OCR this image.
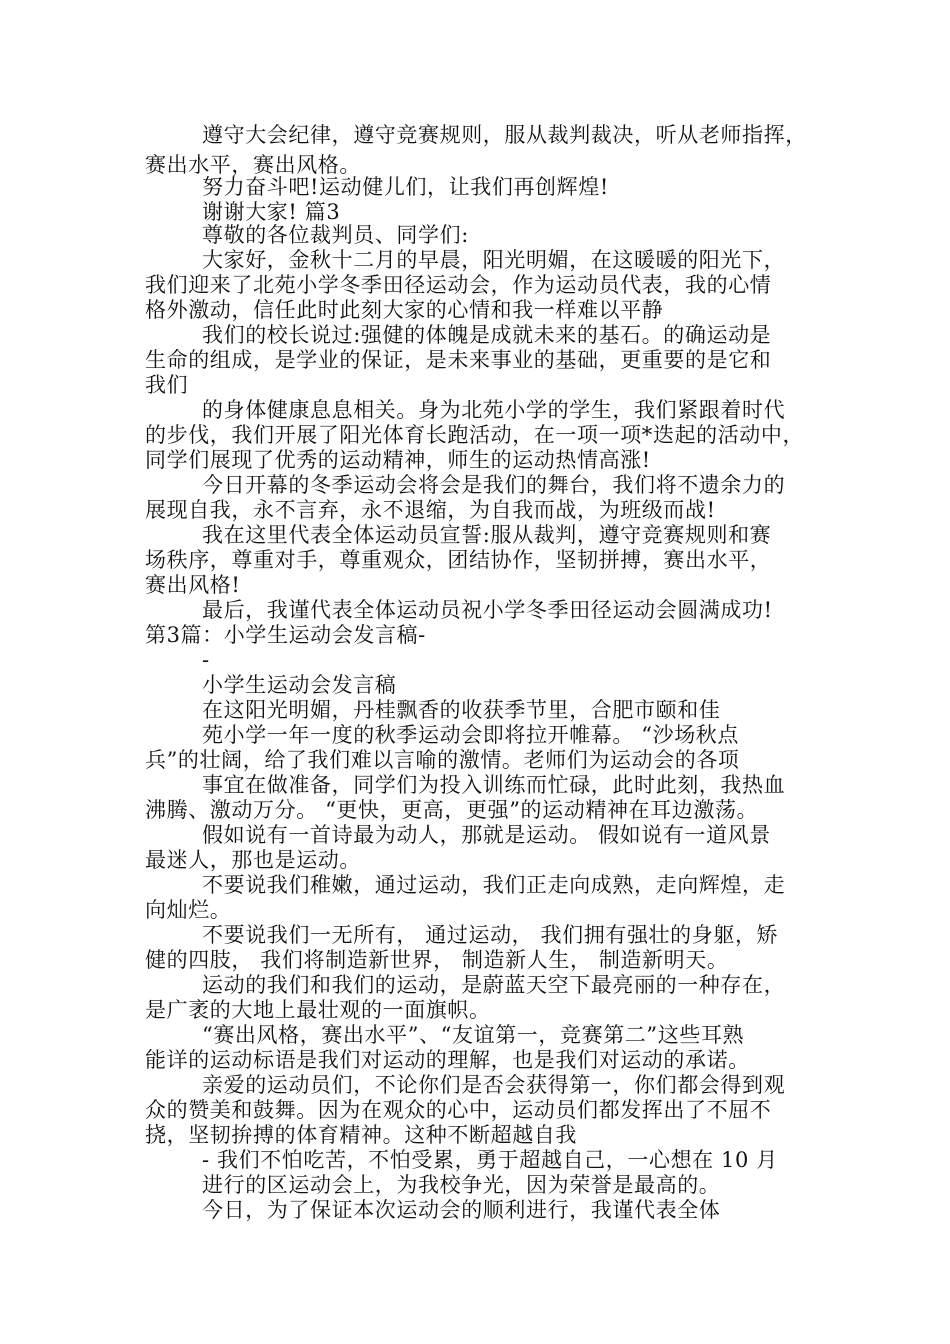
遵守大会纪律，遵守竞赛规则，服从裁判裁决，听从老师指挥，
赛出水平，赛出风格。
努力奋斗吧!运动健儿们，让我们再创辉煌!
谢谢大家! 篇3
尊敬的各位裁判员、同学们:
大家好，金秋十二月的早晨，阳光明媚，在这暖暖的阳光下，
我们迎来了北苑小学冬季田径运动会，作为运动员代表，我的心情
格外激动，信任此时此刻大家的心情和我一样难以平静
我们的校长说过:强健的体魄是成就未来的基石。的确运动是
生命的组成，是学业的保证，是未来事业的基础，更重要的是它和
我们
的身体健康息息相关。身为北苑小学的学生，我们紧跟着时代
的步伐，我们开展了阳光体育长跑活动，在一项一项*迭起的活动中，
同学们展现了优秀的运动精神，师生的运动热情高涨!
今日开幕的冬季运动会将会是我们的舞台，我们将不遗余力的
展现自我，永不言弃，永不退缩，为自我而战，为班级而战!
我在这里代表全体运动员宣誓:服从裁判，遵守竞赛规则和赛
场秩序，尊重对手，尊重观众，团结协作，坚韧拼搏，赛出水平，
赛出风格!
最后，我谨代表全体运动员祝小学冬季田径运动会圆满成功!
第3篇：小学生运动会发言稿-
-
小学生运动会发言稿
在这阳光明媚，丹桂飘香的收获季节里，合肥市颐和佳
苑小学一年一度的秋季运动会即将拉开帷幕。 “沙场秋点
兵”的壮阔，给了我们难以言喻的激情。老师们为运动会的各项
事宜在做准备，同学们为投入训练而忙碌，此时此刻，我热血
沸腾、激动万分。 “更快，更高，更强”的运动精神在耳边激荡。
假如说有一首诗最为动人，那就是运动。 假如说有一道风景
最迷人，那也是运动。
不要说我们稚嫩，通过运动，我们正走向成熟，走向辉煌，走
向灿烂。
不要说我们一无所有， 通过运动， 我们拥有强壮的身躯，矫
健的四肢， 我们将制造新世界， 制造新人生， 制造新明天。
运动的我们和我们的运动，是蔚蓝天空下最亮丽的一种存在，
是广袤的大地上最壮观的一面旗帜。
“赛出风格，赛出水平”、“友谊第一，竞赛第二”这些耳熟
能详的运动标语是我们对运动的理解，也是我们对运动的承诺。
亲爱的运动员们，不论你们是否会获得第一，你们都会得到观
众的赞美和鼓舞。因为在观众的心中，运动员们都发挥出了不屈不
挠，坚韧拚搏的体育精神。这种不断超越自我
- 我们不怕吃苦，不怕受累，勇于超越自己，一心想在 10 月
进行的区运动会上，为我校争光，因为荣誉是最高的。
今日，为了保证本次运动会的顺利进行，我谨代表全体
